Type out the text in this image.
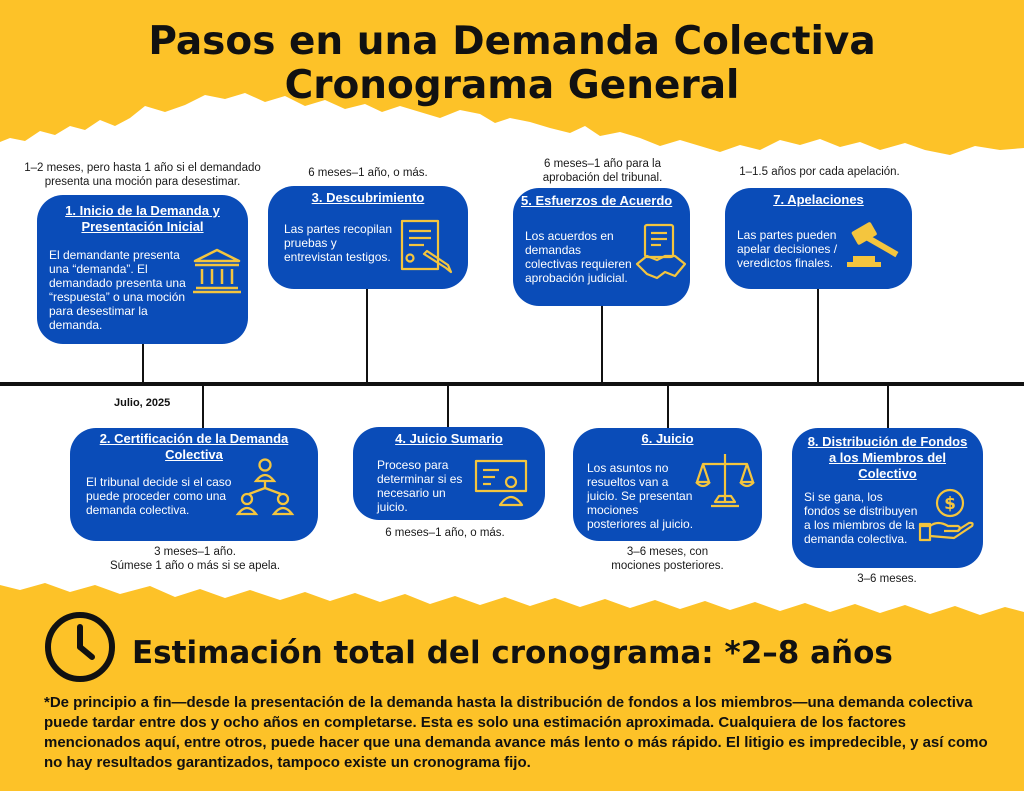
Pasos en una Demanda Colectiva
Cronograma General
Julio, 2025
1–2 meses, pero hasta 1 año si el demandado presenta una moción para desestimar.
1. Inicio de la Demanda y
Presentación Inicial
El demandante presenta una “demanda”. El demandado presenta una “respuesta” o una moción para desestimar la demanda.
2. Certificación de la Demanda
Colectiva
El tribunal decide si el caso puede proceder como una demanda colectiva.
3 meses–1 año.
Súmese 1 año o más si se apela.
6 meses–1 año, o más.
3. Descubrimiento
Las partes recopilan pruebas y entrevistan testigos.
4. Juicio Sumario
Proceso para determinar si es necesario un juicio.
6 meses–1 año, o más.
6 meses–1 año para la aprobación del tribunal.
5. Esfuerzos de Acuerdo
Los acuerdos en demandas colectivas requieren aprobación judicial.
6. Juicio
Los asuntos no resueltos van a juicio. Se presentan mociones posteriores al juicio.
3–6 meses, con
mociones posteriores.
1–1.5 años por cada apelación.
7. Apelaciones
Las partes pueden apelar decisiones / veredictos finales.
8. Distribución de Fondos
a los Miembros del
Colectivo
Si se gana, los fondos se distribuyen a los miembros de la demanda colectiva.
$
3–6 meses.
Estimación total del cronograma: *2–8 años
*De principio a fin—desde la presentación de la demanda hasta la distribución de fondos a los miembros—una demanda colectiva puede tardar entre dos y ocho años en completarse. Esta es solo una estimación aproximada. Cualquiera de los factores mencionados aquí, entre otros, puede hacer que una demanda avance más lento o más rápido. El litigio es impredecible, y así como no hay resultados garantizados, tampoco existe un cronograma fijo.
